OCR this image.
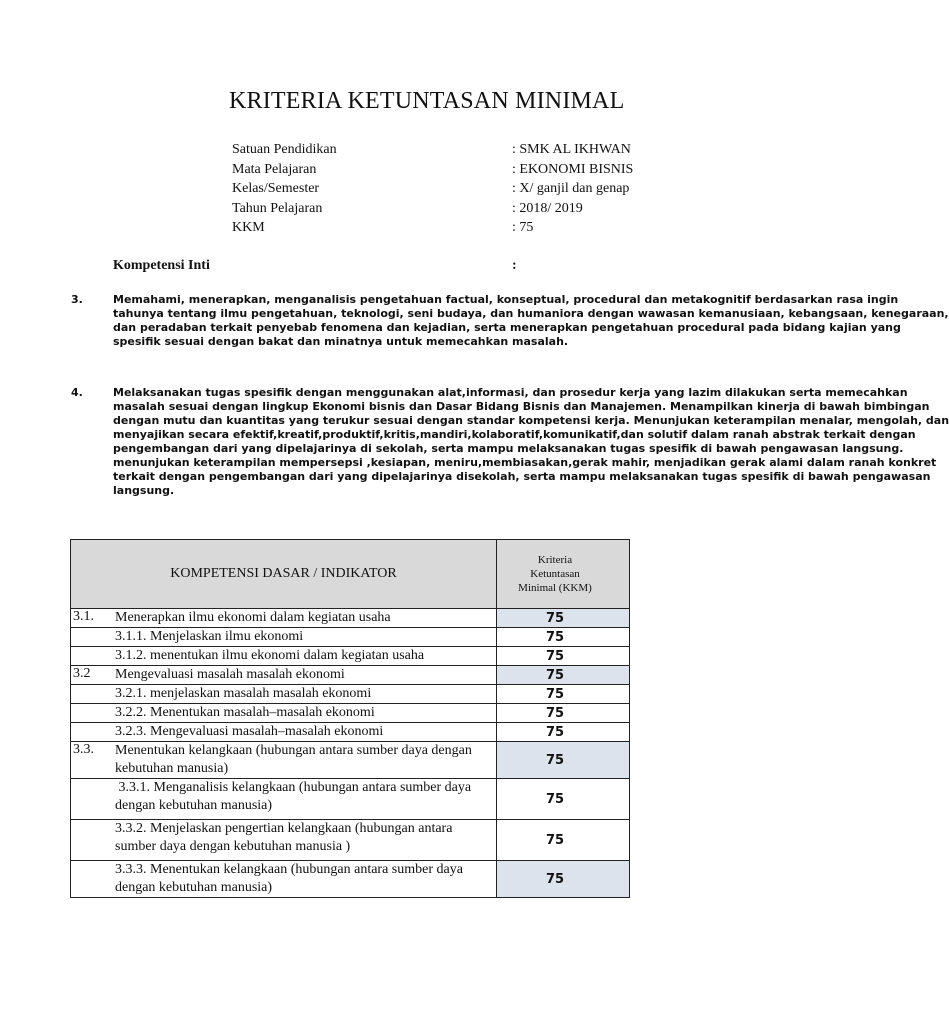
KRITERIA KETUNTASAN MINIMAL
Satuan Pendidikan	: SMK AL IKHWAN
Mata Pelajaran	: EKONOMI BISNIS
Kelas/Semester	: X/ ganjil dan genap
Tahun Pelajaran	: 2018/ 2019
KKM	: 75
Kompetensi Inti	:
3.	Memahami, menerapkan, menganalisis pengetahuan factual, konseptual, procedural dan metakognitif berdasarkan rasa ingin
tahunya tentang ilmu pengetahuan, teknologi, seni budaya, dan humaniora dengan wawasan kemanusiaan, kebangsaan, kenegaraan,
dan peradaban terkait penyebab fenomena dan kejadian, serta menerapkan pengetahuan procedural pada bidang kajian yang
spesifik sesuai dengan bakat dan minatnya untuk memecahkan masalah.
4.	Melaksanakan tugas spesifik dengan menggunakan alat,informasi, dan prosedur kerja yang lazim dilakukan serta memecahkan
masalah sesuai dengan lingkup Ekonomi bisnis dan Dasar Bidang Bisnis dan Manajemen. Menampilkan kinerja di bawah bimbingan
dengan mutu dan kuantitas yang terukur sesuai dengan standar kompetensi kerja. Menunjukan keterampilan menalar, mengolah, dan
menyajikan secara efektif,kreatif,produktif,kritis,mandiri,kolaboratif,komunikatif,dan solutif dalam ranah abstrak terkait dengan
pengembangan dari yang dipelajarinya di sekolah, serta mampu melaksanakan tugas spesifik di bawah pengawasan langsung.
menunjukan keterampilan mempersepsi ,kesiapan, meniru,membiasakan,gerak mahir, menjadikan gerak alami dalam ranah konkret
terkait dengan pengembangan dari yang dipelajarinya disekolah, serta mampu melaksanakan tugas spesifik di bawah pengawasan
langsung.
KOMPETENSI DASAR / INDIKATOR		Kriteria
Ketuntasan
Minimal (KKM)

3.1.	Menerapkan ilmu ekonomi dalam kegiatan usaha	75

	3.1.1. Menjelaskan ilmu ekonomi	75

	3.1.2. menentukan ilmu ekonomi dalam kegiatan usaha	75
3.2	Mengevaluasi masalah masalah ekonomi	75

	3.2.1. menjelaskan masalah masalah ekonomi	75

	3.2.2. Menentukan masalah–masalah ekonomi	75

	3.2.3. Mengevaluasi masalah–masalah ekonomi	75
3.3.	Menentukan kelangkaan (hubungan antara sumber daya dengan
kebutuhan manusia)	75

	3.3.1. Menganalisis kelangkaan (hubungan antara sumber daya
dengan kebutuhan manusia)	75

	3.3.2. Menjelaskan pengertian kelangkaan (hubungan antara
sumber daya dengan kebutuhan manusia )	75

	3.3.3. Menentukan kelangkaan (hubungan antara sumber daya
dengan kebutuhan manusia)	75
